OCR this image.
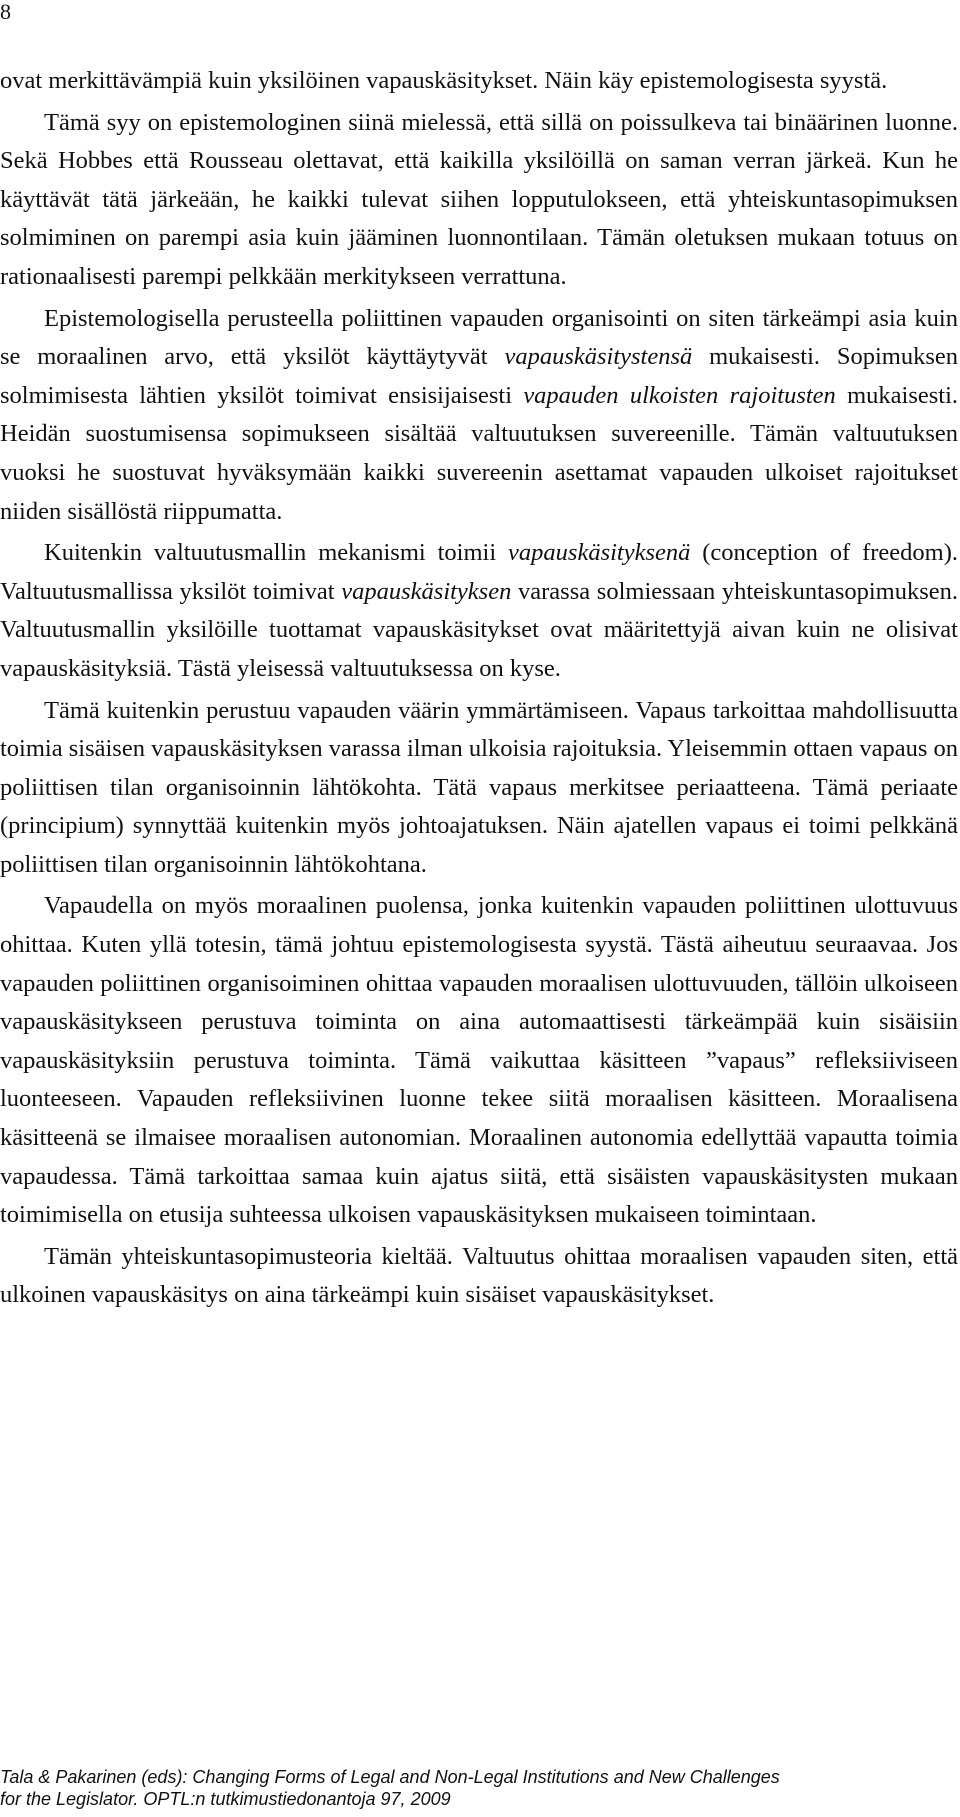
8

ovat merkittävämpiä kuin yksilöinen vapauskäsitykset. Näin käy epistemologisesta syystä.

Tämä syy on epistemologinen siinä mielessä, että sillä on poissulkeva tai binäärinen luonne. Sekä Hobbes että Rousseau olettavat, että kaikilla yksilöillä on saman verran järkeä. Kun he käyttävät tätä järkeään, he kaikki tulevat siihen lopputulokseen, että yhteiskuntasopimuksen solmiminen on parempi asia kuin jääminen luonnontilaan. Tämän oletuksen mukaan totuus on rationaalisesti parempi pelkkään merkitykseen verrattuna.

Epistemologisella perusteella poliittinen vapauden organisointi on siten tärkeämpi asia kuin se moraalinen arvo, että yksilöt käyttäytyvät vapauskäsitystensä mukaisesti. Sopimuksen solmimisesta lähtien yksilöt toimivat ensisijaisesti vapauden ulkoisten rajoitusten mukaisesti. Heidän suostumisensa sopimukseen sisältää valtuutuksen suvereenille. Tämän valtuutuksen vuoksi he suostuvat hyväksymään kaikki suvereenin asettamat vapauden ulkoiset rajoitukset niiden sisällöstä riippumatta.

Kuitenkin valtuutusmallin mekanismi toimii vapauskäsityksenä (conception of freedom). Valtuutusmallissa yksilöt toimivat vapauskäsityksen varassa solmiessaan yhteiskuntasopimuksen. Valtuutusmallin yksilöille tuottamat vapauskäsitykset ovat määritettyjä aivan kuin ne olisivat vapauskäsityksiä. Tästä yleisessä valtuutuksessa on kyse.

Tämä kuitenkin perustuu vapauden väärin ymmärtämiseen. Vapaus tarkoittaa mahdollisuutta toimia sisäisen vapauskäsityksen varassa ilman ulkoisia rajoituksia. Yleisemmin ottaen vapaus on poliittisen tilan organisoinnin lähtökohta. Tätä vapaus merkitsee periaatteena. Tämä periaate (principium) synnyttää kuitenkin myös johtoajatuksen. Näin ajatellen vapaus ei toimi pelkkänä poliittisen tilan organisoinnin lähtökohtana.

Vapaudella on myös moraalinen puolensa, jonka kuitenkin vapauden poliittinen ulottuvuus ohittaa. Kuten yllä totesin, tämä johtuu epistemologisesta syystä. Tästä aiheutuu seuraavaa. Jos vapauden poliittinen organisoiminen ohittaa vapauden moraalisen ulottuvuuden, tällöin ulkoiseen vapauskäsitykseen perustuva toiminta on aina automaattisesti tärkeämpää kuin sisäisiin vapauskäsityksiin perustuva toiminta. Tämä vaikuttaa käsitteen ”vapaus” refleksiiviseen luonteeseen. Vapauden refleksiivinen luonne tekee siitä moraalisen käsitteen. Moraalisena käsitteenä se ilmaisee moraalisen autonomian. Moraalinen autonomia edellyttää vapautta toimia vapaudessa. Tämä tarkoittaa samaa kuin ajatus siitä, että sisäisten vapauskäsitysten mukaan toimimisella on etusija suhteessa ulkoisen vapauskäsityksen mukaiseen toimintaan.

Tämän yhteiskuntasopimusteoria kieltää. Valtuutus ohittaa moraalisen vapauden siten, että ulkoinen vapauskäsitys on aina tärkeämpi kuin sisäiset vapauskäsitykset.

Tala & Pakarinen (eds): Changing Forms of Legal and Non-Legal Institutions and New Challenges
for the Legislator. OPTL:n tutkimustiedonantoja 97, 2009
